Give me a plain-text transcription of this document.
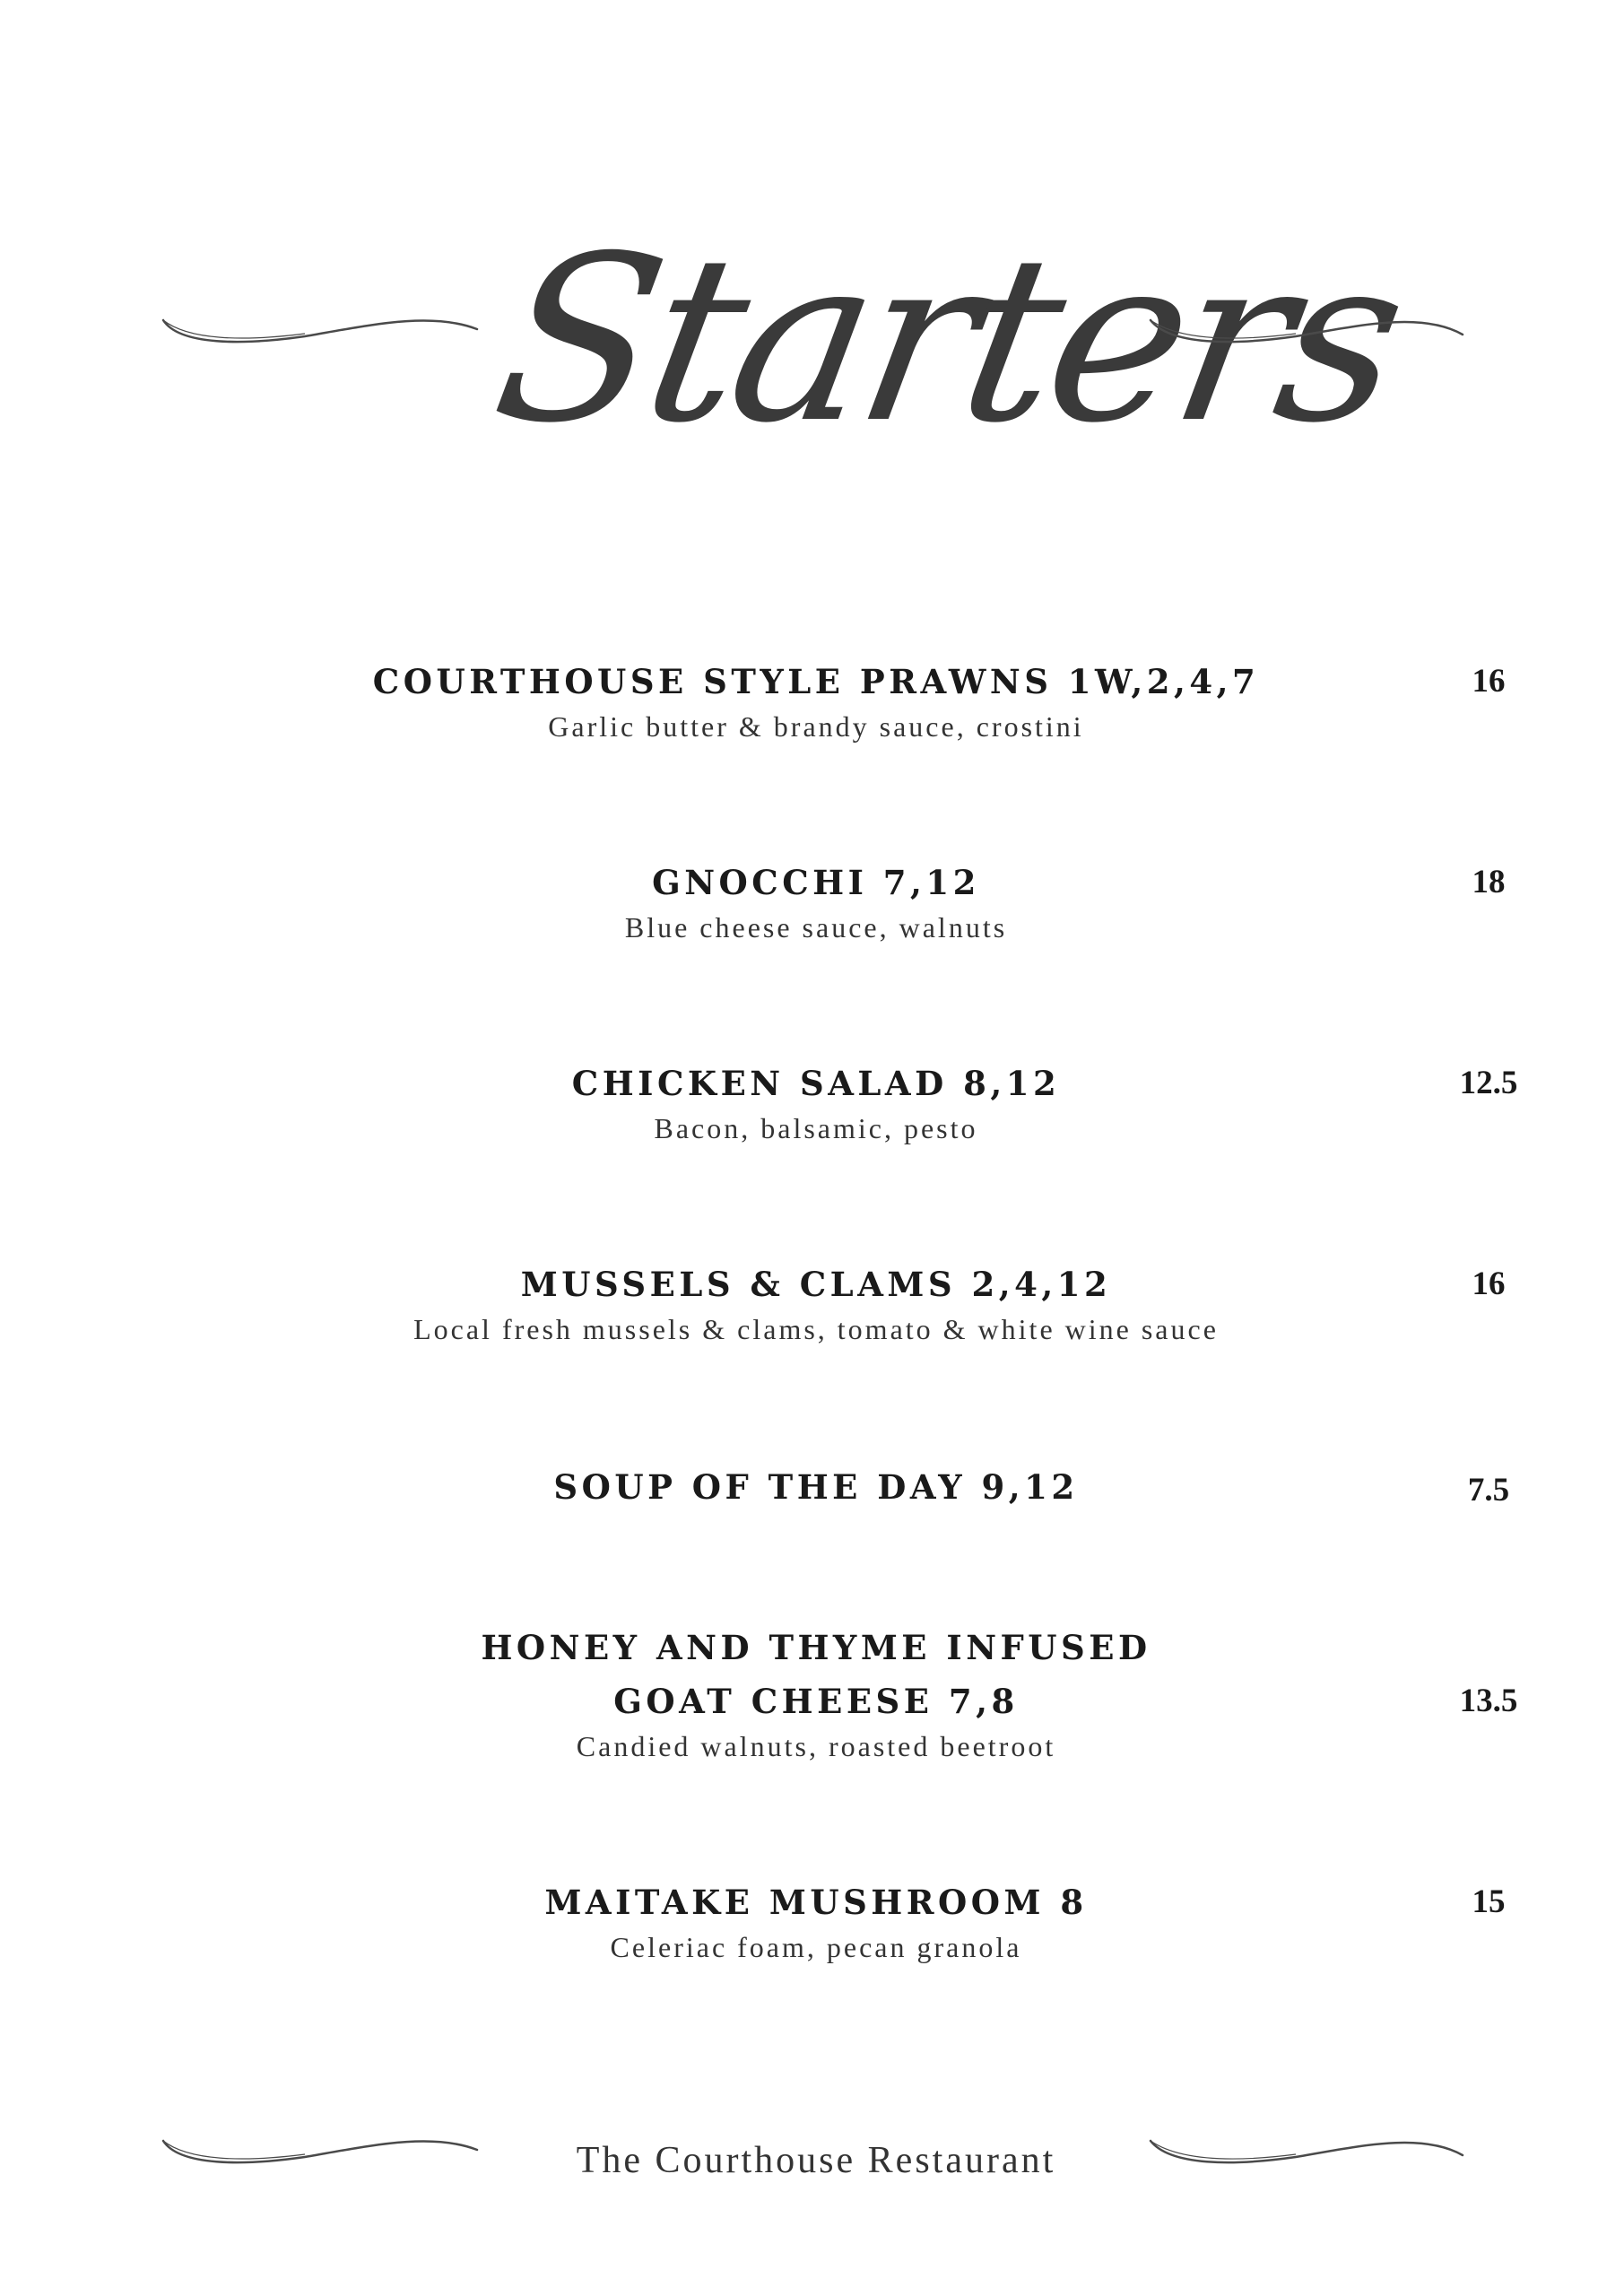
Starters
COURTHOUSE STYLE PRAWNS 1W,2,4,7
Garlic butter & brandy sauce, crostini
16
GNOCCHI 7,12
Blue cheese sauce, walnuts
18
CHICKEN SALAD 8,12
Bacon, balsamic, pesto
12.5
MUSSELS & CLAMS 2,4,12
Local fresh mussels & clams, tomato & white wine sauce
16
SOUP OF THE DAY 9,12	7.5
HONEY AND THYME INFUSED
GOAT CHEESE 7,8
Candied walnuts, roasted beetroot
13.5
MAITAKE MUSHROOM 8
Celeriac foam, pecan granola
15
The Courthouse Restaurant
